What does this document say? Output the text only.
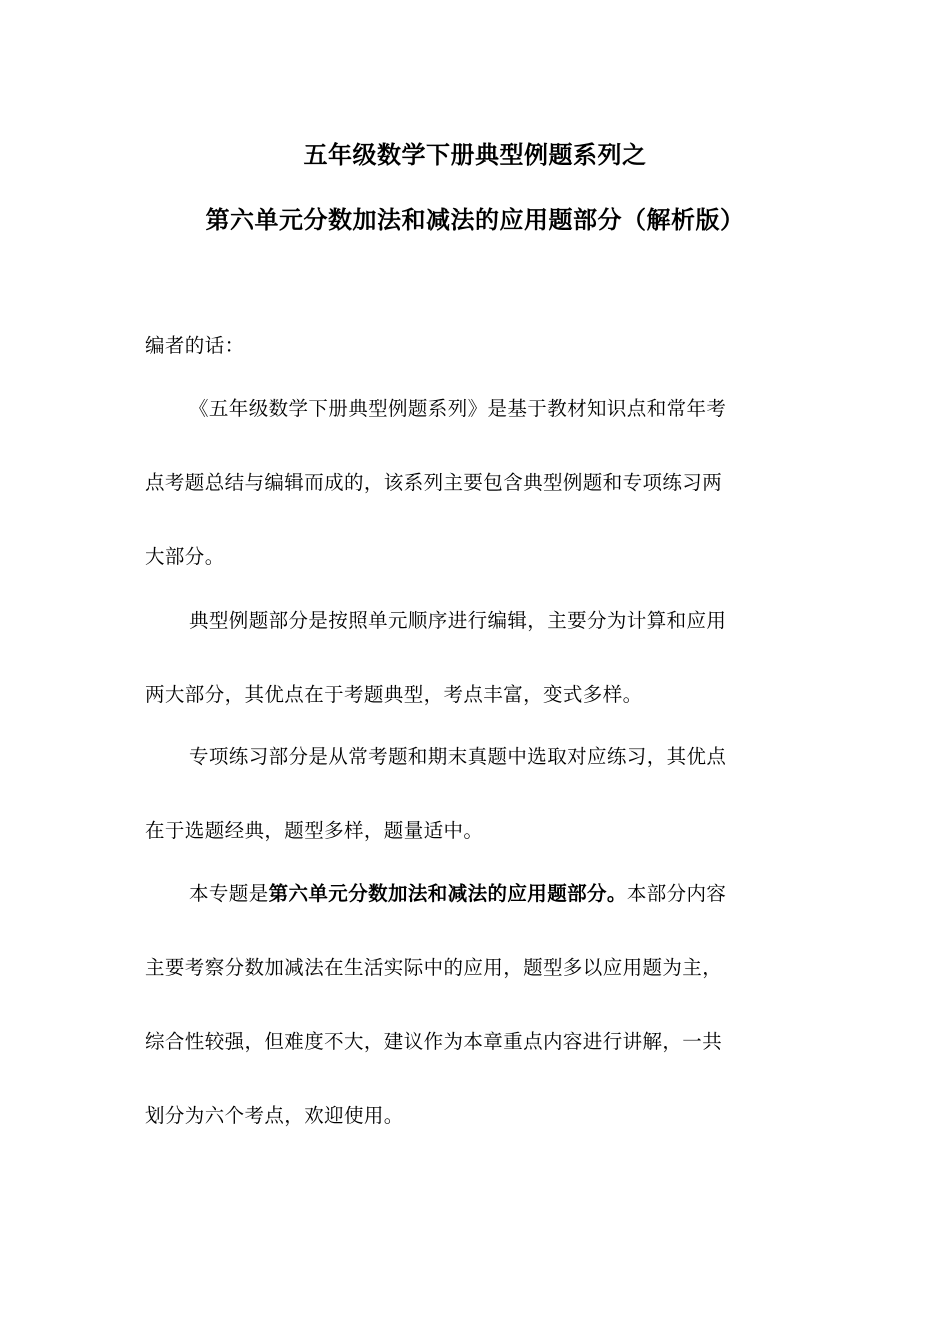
五年级数学下册典型例题系列之
第六单元分数加法和减法的应用题部分（解析版）
编者的话：
《五年级数学下册典型例题系列》是基于教材知识点和常年考
点考题总结与编辑而成的，该系列主要包含典型例题和专项练习两
大部分。
典型例题部分是按照单元顺序进行编辑，主要分为计算和应用
两大部分，其优点在于考题典型，考点丰富，变式多样。
专项练习部分是从常考题和期末真题中选取对应练习，其优点
在于选题经典，题型多样，题量适中。
本专题是第六单元分数加法和减法的应用题部分。本部分内容
主要考察分数加减法在生活实际中的应用，题型多以应用题为主，
综合性较强，但难度不大，建议作为本章重点内容进行讲解，一共
划分为六个考点，欢迎使用。
